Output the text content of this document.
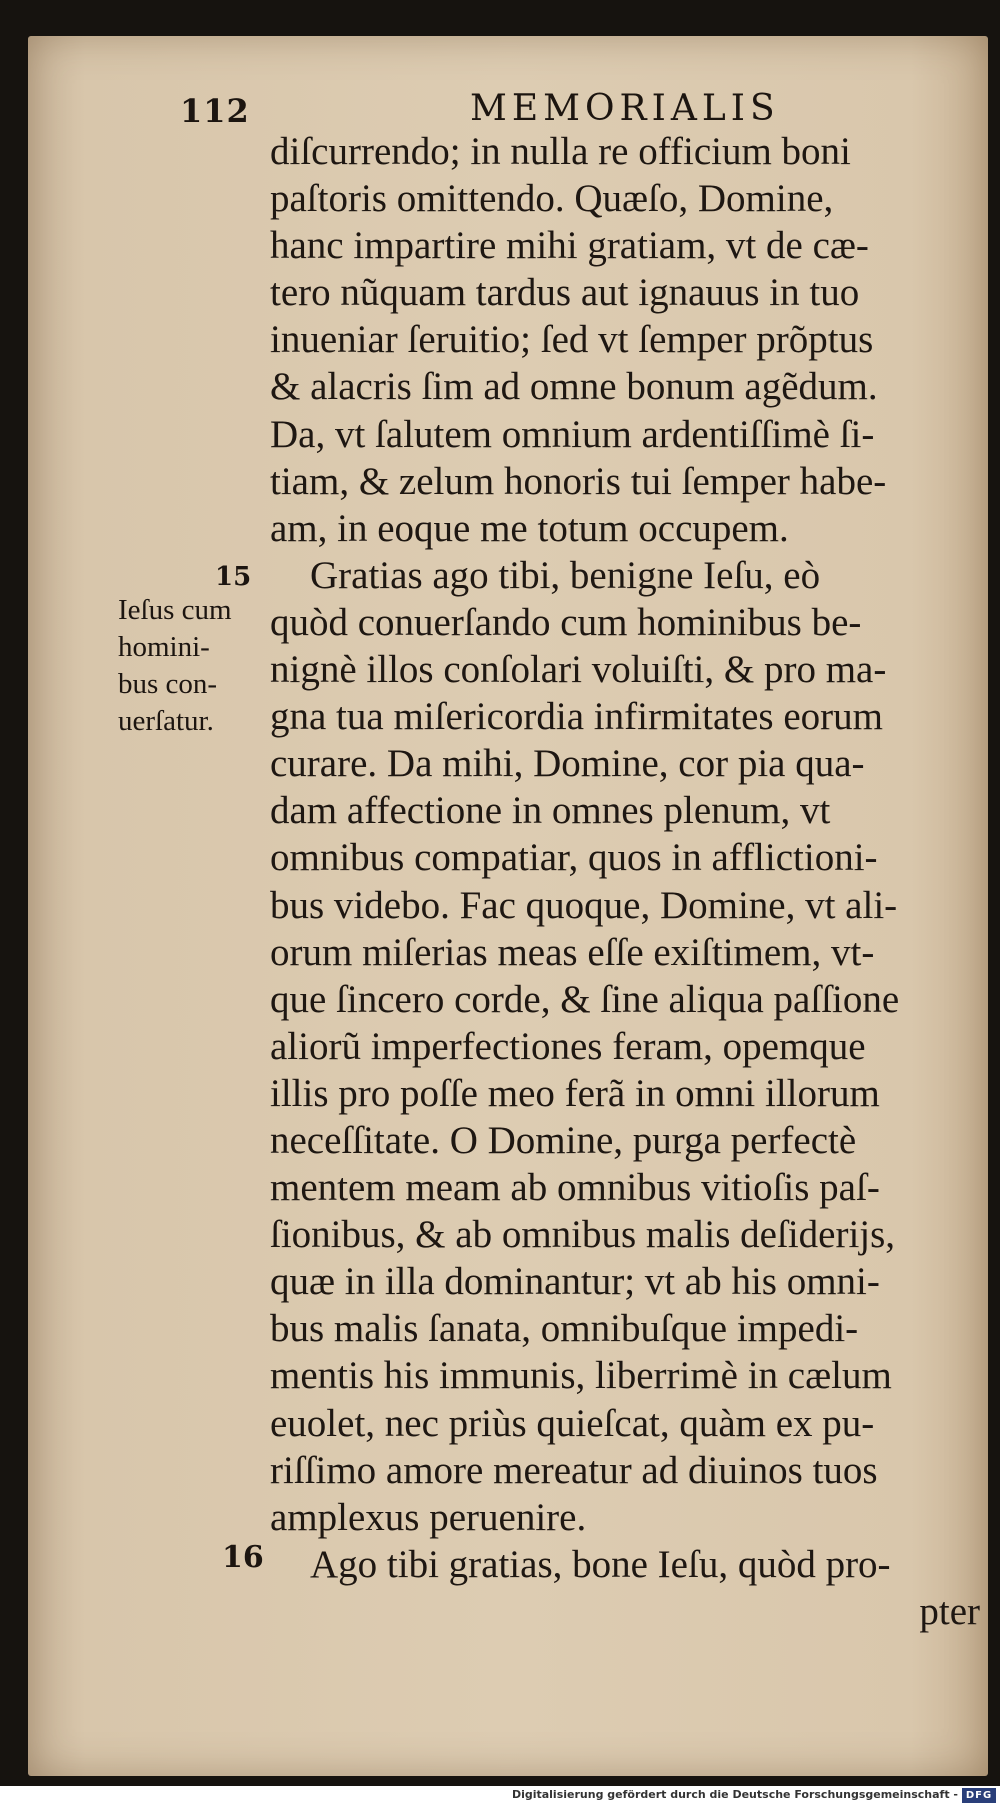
112	MEMORIALIS
diſcurrendo; in nulla re officium boni
paſtoris omittendo. Quæſo, Domine,
hanc impartire mihi gratiam, vt de cæ-
tero nũquam tardus aut ignauus in tuo
inueniar ſeruitio; ſed vt ſemper prõptus
& alacris ſim ad omne bonum agẽdum.
Da, vt ſalutem omnium ardentiſſimè ſi-
tiam, & zelum honoris tui ſemper habe-
am, in eoque me totum occupem.
Gratias ago tibi, benigne Ieſu, eò
quòd conuerſando cum hominibus be-
nignè illos conſolari voluiſti, & pro ma-
gna tua miſericordia infirmitates eorum
curare. Da mihi, Domine, cor pia qua-
dam affectione in omnes plenum, vt
omnibus compatiar, quos in afflictioni-
bus videbo. Fac quoque, Domine, vt ali-
orum miſerias meas eſſe exiſtimem, vt-
que ſincero corde, & ſine aliqua paſſione
aliorũ imperfectiones feram, opemque
illis pro poſſe meo ferã in omni illorum
neceſſitate. O Domine, purga perfectè
mentem meam ab omnibus vitioſis paſ-
ſionibus, & ab omnibus malis deſiderijs,
quæ in illa dominantur; vt ab his omni-
bus malis ſanata, omnibuſque impedi-
mentis his immunis, liberrimè in cælum
euolet, nec priùs quieſcat, quàm ex pu-
riſſimo amore mereatur ad diuinos tuos
amplexus peruenire.
Ago tibi gratias, bone Ieſu, quòd pro-
pter
15
16
Ieſus cum
homini-
bus con-
uerſatur.
Digitalisierung gefördert durch die Deutsche Forschungsgemeinschaft - DFG
